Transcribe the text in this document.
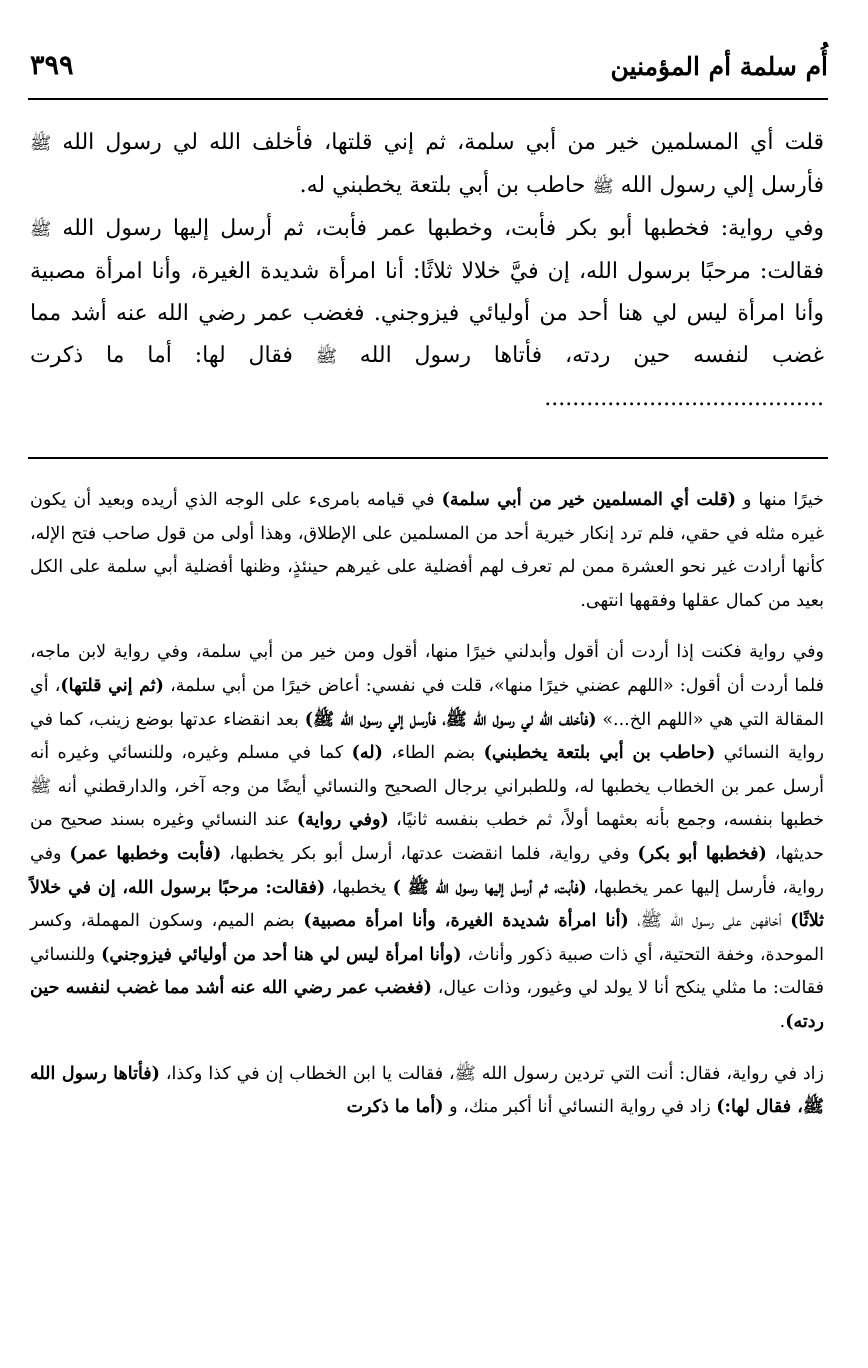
أُم سلمة أم المؤمنين
٣٩٩

قلت أي المسلمين خير من أبي سلمة، ثم إني قلتها، فأخلف الله لي رسول الله ﷺ فأرسل إلي رسول الله ﷺ حاطب بن أبي بلتعة يخطبني له.

وفي رواية: فخطبها أبو بكر فأبت، وخطبها عمر فأبت، ثم أرسل إليها رسول الله ﷺ فقالت: مرحبًا برسول الله، إن فيَّ خلالا ثلاثًا: أنا امرأة شديدة الغيرة، وأنا امرأة مصبية وأنا امرأة ليس لي هنا أحد من أوليائي فيزوجني. فغضب عمر رضي الله عنه أشد مما غضب لنفسه حين ردته، فأتاها رسول الله ﷺ فقال لها: أما ما ذكرت ........................................

خيرًا منها و (قلت أي المسلمين خير من أبي سلمة) في قيامه بامرىء على الوجه الذي أريده وبعيد أن يكون غيره مثله في حقي، فلم ترد إنكار خيرية أحد من المسلمين على الإطلاق، وهذا أولى من قول صاحب فتح الإله، كأنها أرادت غير نحو العشرة ممن لم تعرف لهم أفضلية على غيرهم حينئذٍ، وظنها أفضلية أبي سلمة على الكل بعيد من كمال عقلها وفقهها انتهى.

وفي رواية فكنت إذا أردت أن أقول وأبدلني خيرًا منها، أقول ومن خير من أبي سلمة، وفي رواية لابن ماجه، فلما أردت أن أقول: «اللهم عضني خيرًا منها»، قلت في نفسي: أعاض خيرًا من أبي سلمة، (ثم إني قلتها)، أي المقالة التي هي «اللهم الخ...» (فأخلف الله لي رسول الله ﷺ، فأرسل إلي رسول الله ﷺ) بعد انقضاء عدتها بوضع زينب، كما في رواية النسائي (حاطب بن أبي بلتعة يخطبني) بضم الطاء، (له) كما في مسلم وغيره، وللنسائي وغيره أنه أرسل عمر بن الخطاب يخطبها له، وللطبراني برجال الصحيح والنسائي أيضًا من وجه آخر، والدارقطني أنه ﷺ خطبها بنفسه، وجمع بأنه بعثهما أولاً، ثم خطب بنفسه ثانيًا، (وفي رواية) عند النسائي وغيره بسند صحيح من حديثها، (فخطبها أبو بكر) وفي رواية، فلما انقضت عدتها، أرسل أبو بكر يخطبها، (فأبت وخطبها عمر) وفي رواية، فأرسل إليها عمر يخطبها، (فأبت، ثم أرسل إليها رسول الله ﷺ ) يخطبها، (فقالت: مرحبًا برسول الله، إن في خلالاً ثلاثًا) أخافهن على رسول الله ﷺ، (أنا امرأة شديدة الغيرة، وأنا امرأة مصبية) بضم الميم، وسكون المهملة، وكسر الموحدة، وخفة التحتية، أي ذات صبية ذكور وأناث، (وأنا امرأة ليس لي هنا أحد من أوليائي فيزوجني) وللنسائي فقالت: ما مثلي ينكح أنا لا يولد لي وغيور، وذات عيال، (فغضب عمر رضي الله عنه أشد مما غضب لنفسه حين ردته).

زاد في رواية، فقال: أنت التي تردين رسول الله ﷺ، فقالت يا ابن الخطاب إن في كذا وكذا، (فأتاها رسول الله ﷺ، فقال لها:) زاد في رواية النسائي أنا أكبر منك، و (أما ما ذكرت
